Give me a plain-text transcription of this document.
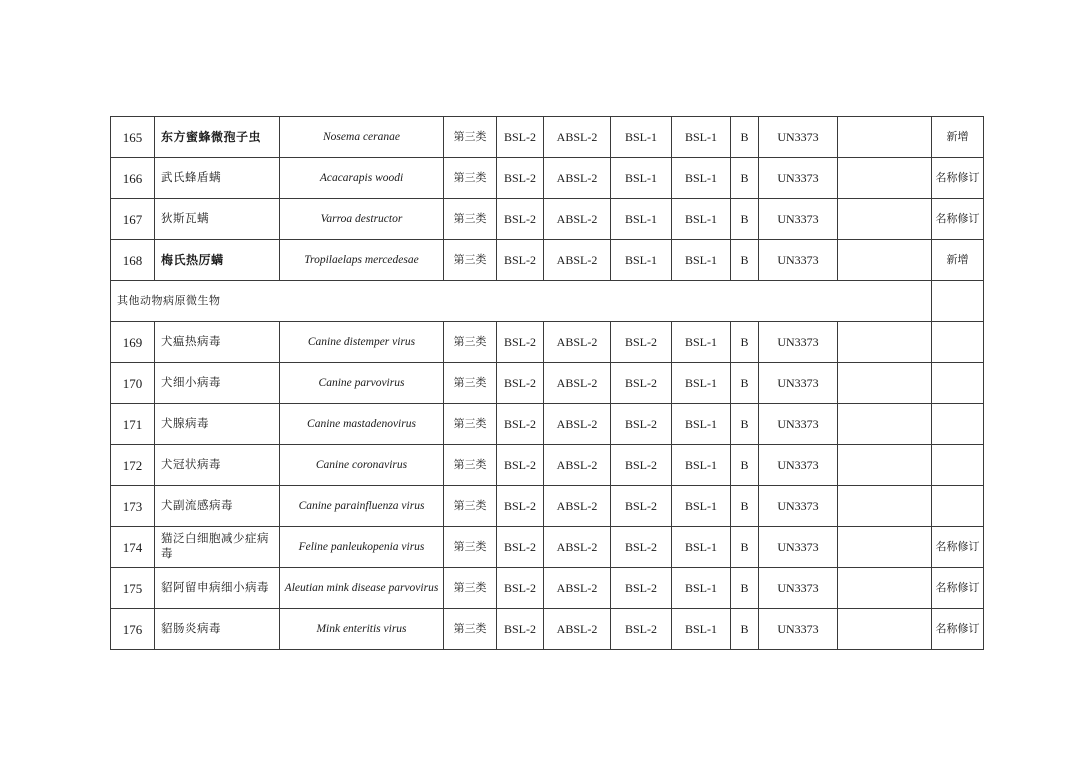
165	东方蜜蜂微孢子虫	Nosema ceranae	第三类	BSL-2	ABSL-2	BSL-1	BSL-1	B	UN3373		新增
166	武氏蜂盾螨	Acacarapis woodi	第三类	BSL-2	ABSL-2	BSL-1	BSL-1	B	UN3373		名称修订
167	狄斯瓦螨	Varroa destructor	第三类	BSL-2	ABSL-2	BSL-1	BSL-1	B	UN3373		名称修订
168	梅氏热厉螨	Tropilaelaps mercedesae	第三类	BSL-2	ABSL-2	BSL-1	BSL-1	B	UN3373		新增
其他动物病原微生物											
169	犬瘟热病毒	Canine distemper virus	第三类	BSL-2	ABSL-2	BSL-2	BSL-1	B	UN3373		
170	犬细小病毒	Canine parvovirus	第三类	BSL-2	ABSL-2	BSL-2	BSL-1	B	UN3373		
171	犬腺病毒	Canine mastadenovirus	第三类	BSL-2	ABSL-2	BSL-2	BSL-1	B	UN3373		
172	犬冠状病毒	Canine coronavirus	第三类	BSL-2	ABSL-2	BSL-2	BSL-1	B	UN3373		
173	犬副流感病毒	Canine parainfluenza virus	第三类	BSL-2	ABSL-2	BSL-2	BSL-1	B	UN3373		
174	猫泛白细胞减少症病毒	Feline panleukopenia virus	第三类	BSL-2	ABSL-2	BSL-2	BSL-1	B	UN3373		名称修订
175	貂阿留申病细小病毒	Aleutian mink disease parvovirus	第三类	BSL-2	ABSL-2	BSL-2	BSL-1	B	UN3373		名称修订
176	貂肠炎病毒	Mink enteritis virus	第三类	BSL-2	ABSL-2	BSL-2	BSL-1	B	UN3373		名称修订
